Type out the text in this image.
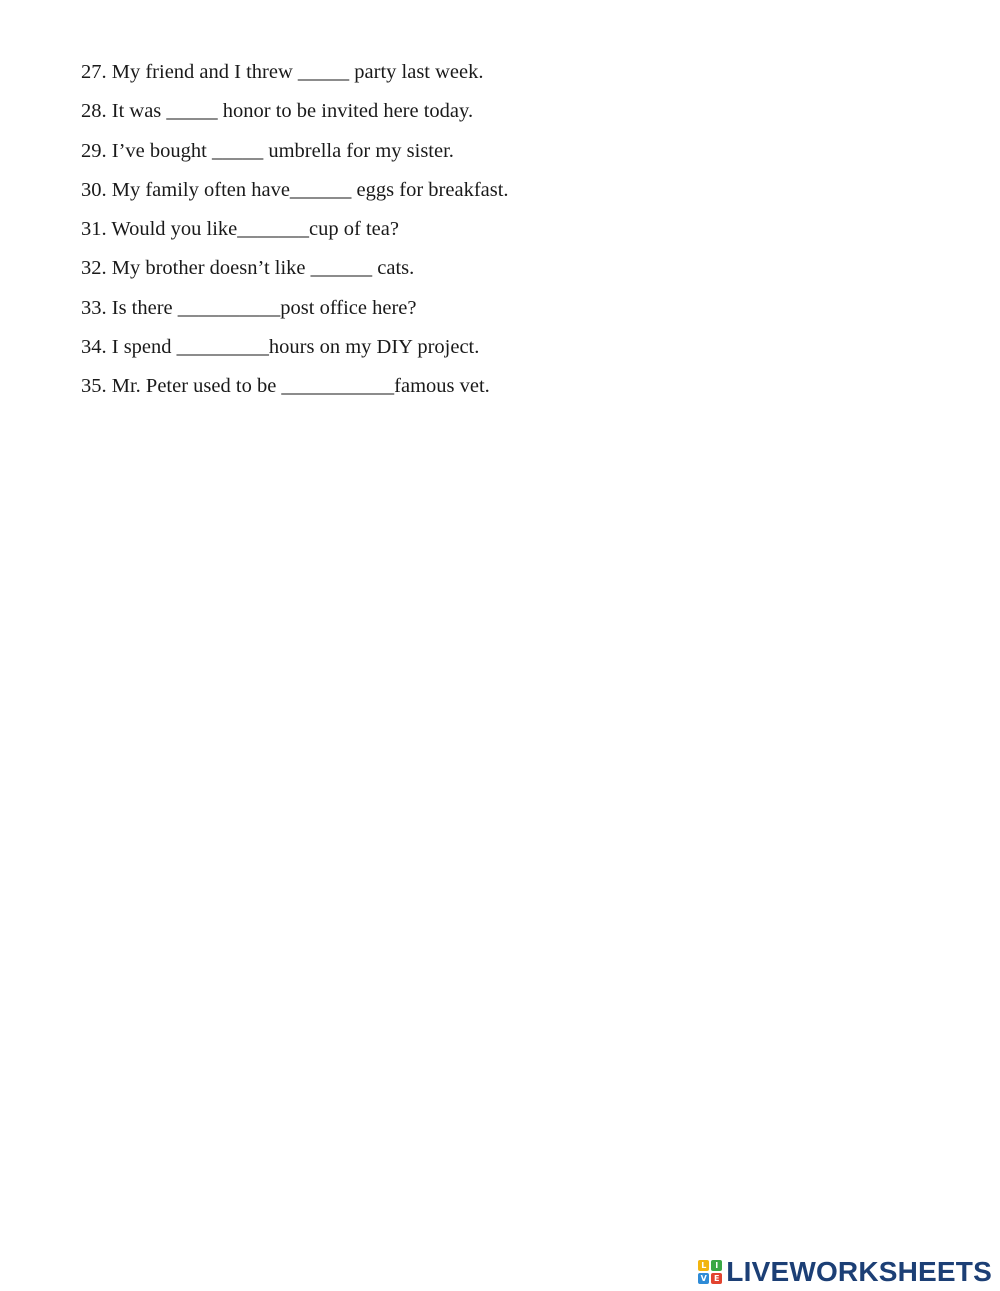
27. My friend and I threw _____ party last week.
28. It was _____ honor to be invited here today.
29. I’ve bought _____ umbrella for my sister.
30. My family often have______ eggs for breakfast.
31. Would you like_______cup of tea?
32. My brother doesn’t like ______ cats.
33. Is there __________post office here?
34. I spend _________hours on my DIY project.
35. Mr. Peter used to be ___________famous vet.
L	I
V E LIVEWORKSHEETS
